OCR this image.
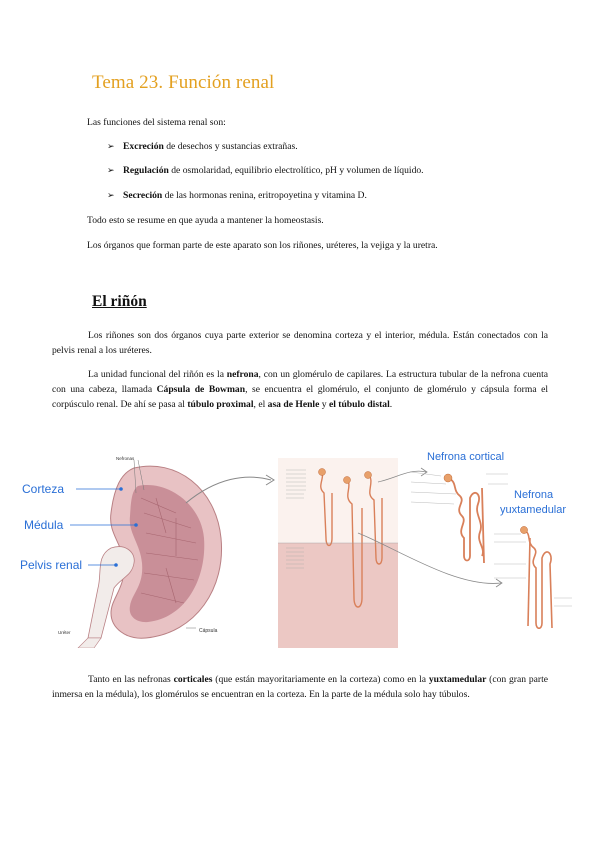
Tema 23. Función renal
Las funciones del sistema renal son:
➢ Excreción de desechos y sustancias extrañas.
➢ Regulación de osmolaridad, equilibrio electrolítico, pH y volumen de líquido.
➢ Secreción de las hormonas renina, eritropoyetina y vitamina D.
Todo esto se resume en que ayuda a mantener la homeostasis.
Los órganos que forman parte de este aparato son los riñones, uréteres, la vejiga y la uretra.
El riñón
Los riñones son dos órganos cuya parte exterior se denomina corteza y el interior, médula. Están conectados con la pelvis renal a los uréteres.
La unidad funcional del riñón es la nefrona, con un glomérulo de capilares. La estructura tubular de la nefrona cuenta con una cabeza, llamada Cápsula de Bowman, se encuentra el glomérulo, el conjunto de glomérulo y cápsula forma el corpúsculo renal. De ahí se pasa al túbulo proximal, el asa de Henle y el túbulo distal.
Corteza
Médula
Pelvis renal
Nefronas
Cápsula
Uréter
Nefrona cortical
Nefrona
yuxtamedular
Tanto en las nefronas corticales (que están mayoritariamente en la corteza) como en la yuxtamedular (con gran parte inmersa en la médula), los glomérulos se encuentran en la corteza. En la parte de la médula solo hay túbulos.
